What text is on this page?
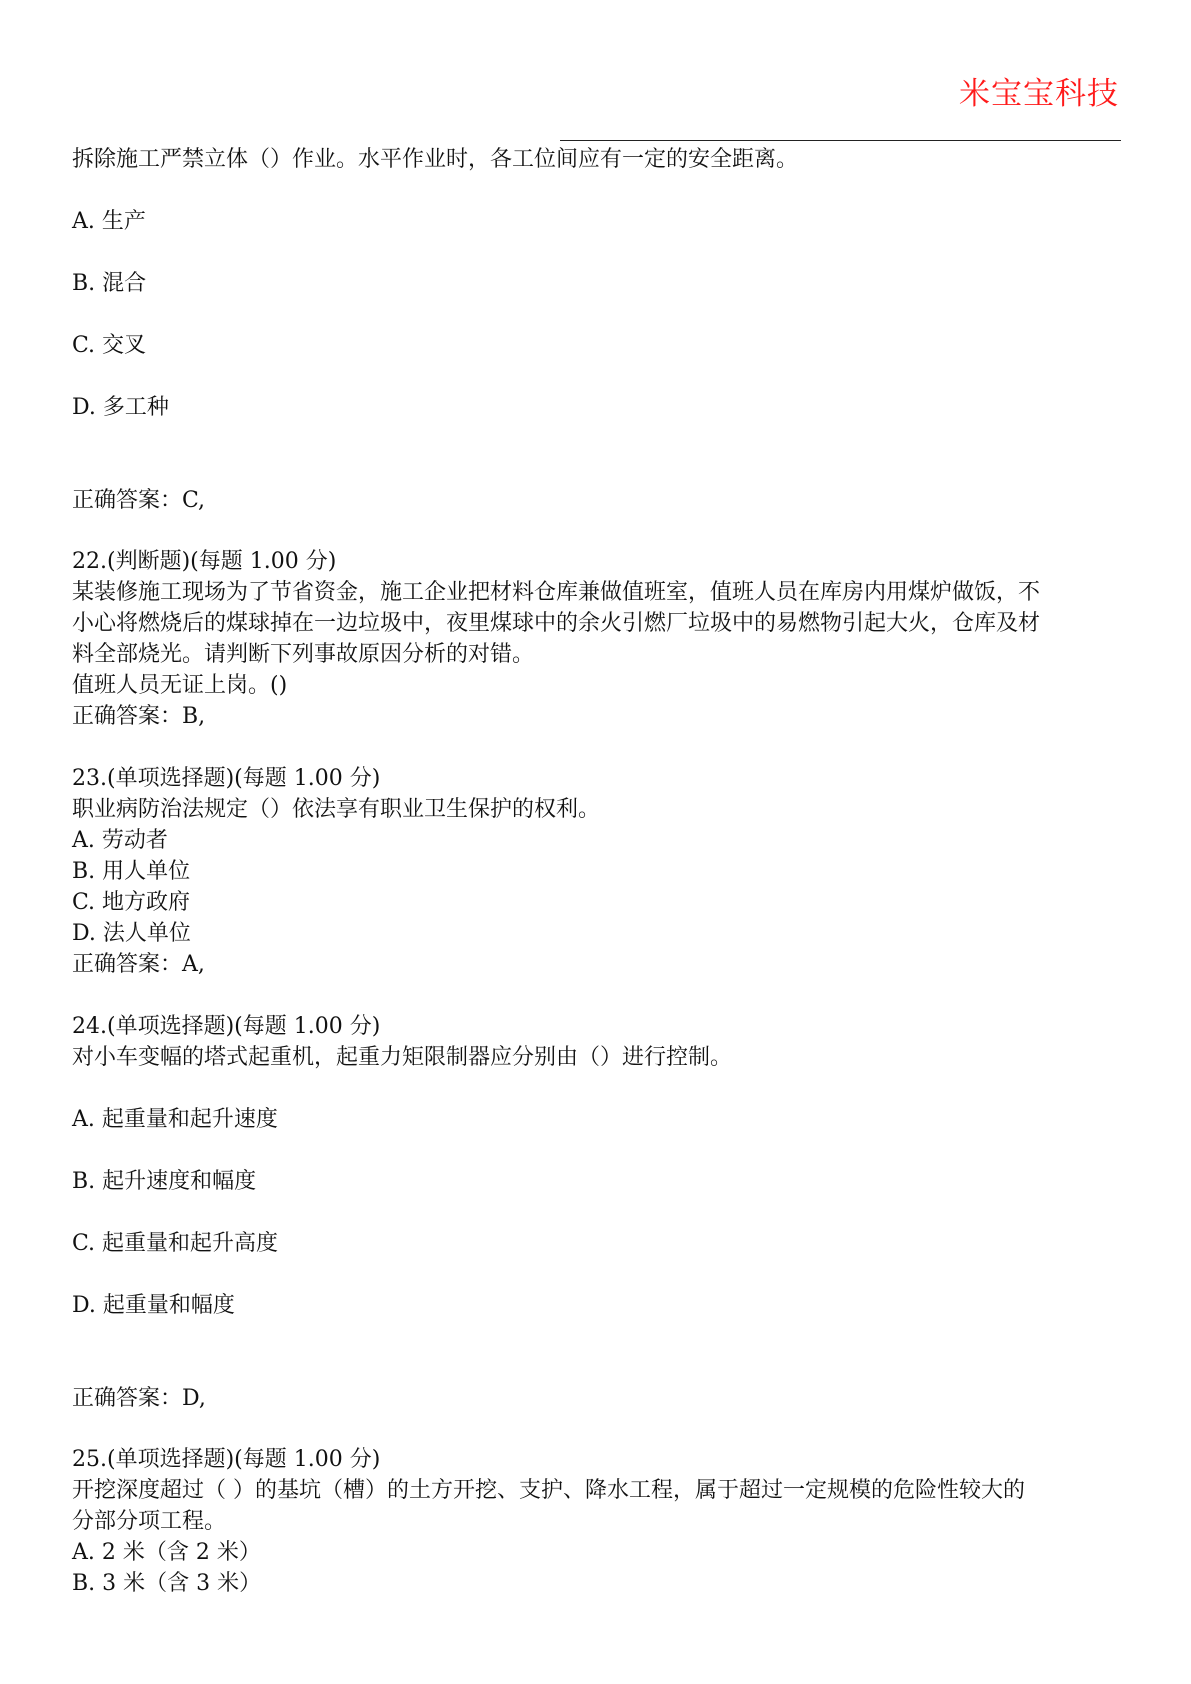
米宝宝科技
拆除施工严禁立体（）作业。水平作业时，各工位间应有一定的安全距离。
A. 生产
B. 混合
C. 交叉
D. 多工种
正确答案：C,
22.(判断题)(每题 1.00 分)
某装修施工现场为了节省资金，施工企业把材料仓库兼做值班室，值班人员在库房内用煤炉做饭，不
小心将燃烧后的煤球掉在一边垃圾中，夜里煤球中的余火引燃厂垃圾中的易燃物引起大火，仓库及材
料全部烧光。请判断下列事故原因分析的对错。
值班人员无证上岗。()
正确答案：B,
23.(单项选择题)(每题 1.00 分)
职业病防治法规定（）依法享有职业卫生保护的权利。
A. 劳动者
B. 用人单位
C. 地方政府
D. 法人单位
正确答案：A,
24.(单项选择题)(每题 1.00 分)
对小车变幅的塔式起重机，起重力矩限制器应分别由（）进行控制。
A. 起重量和起升速度
B. 起升速度和幅度
C. 起重量和起升高度
D. 起重量和幅度
正确答案：D,
25.(单项选择题)(每题 1.00 分)
开挖深度超过（ ）的基坑（槽）的土方开挖、支护、降水工程，属于超过一定规模的危险性较大的
分部分项工程。
A. 2 米（含 2 米）
B. 3 米（含 3 米）
